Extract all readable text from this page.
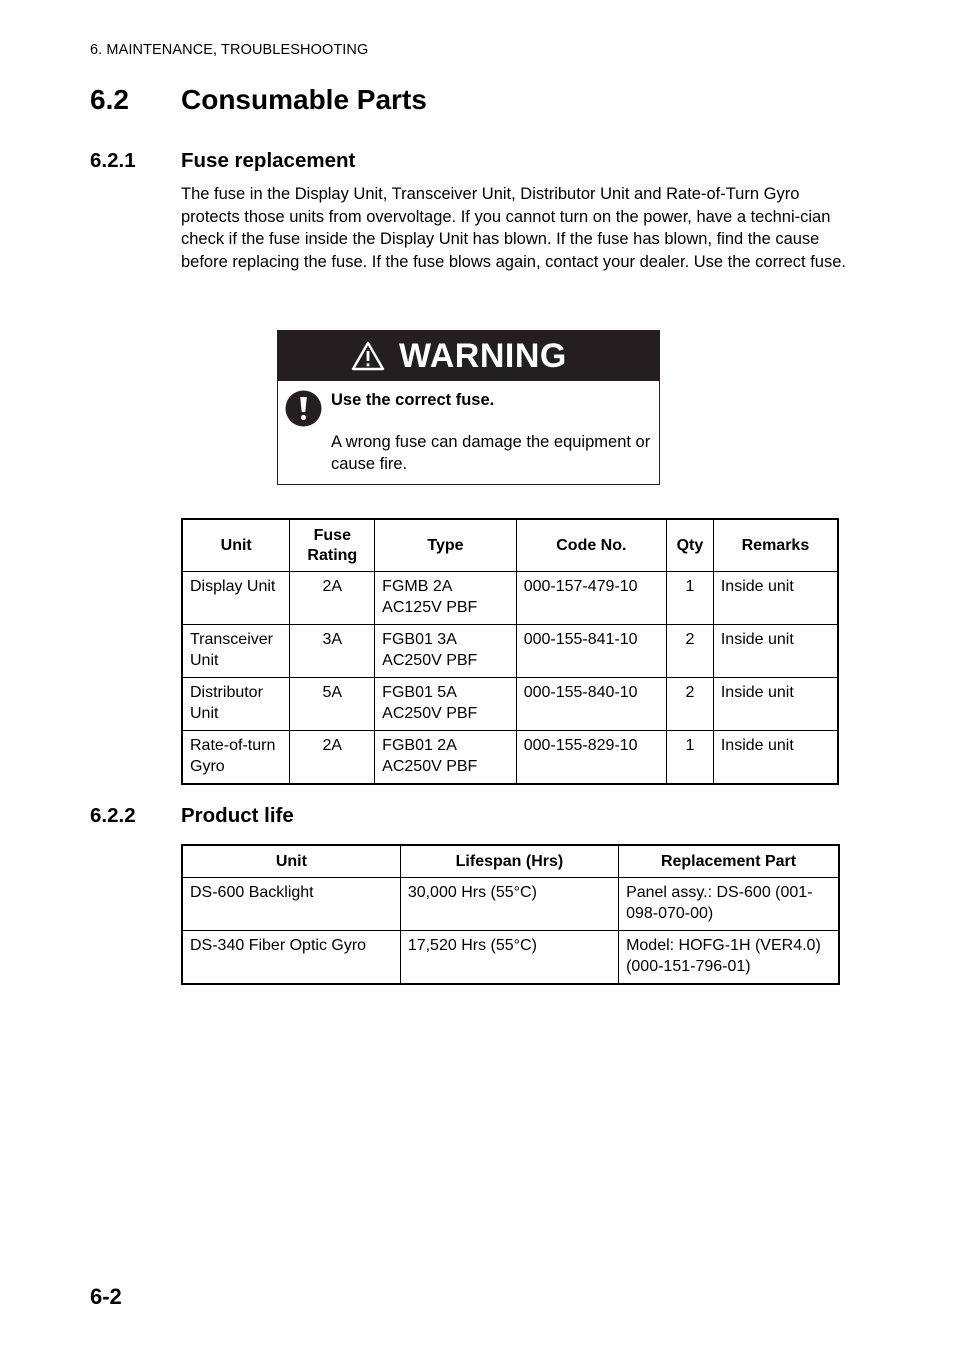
6. MAINTENANCE, TROUBLESHOOTING
6.2 Consumable Parts
6.2.1 Fuse replacement
The fuse in the Display Unit, Transceiver Unit, Distributor Unit and Rate-of-Turn Gyro protects those units from overvoltage. If you cannot turn on the power, have a techni-cian check if the fuse inside the Display Unit has blown. If the fuse has blown, find the cause before replacing the fuse. If the fuse blows again, contact your dealer. Use the correct fuse.
WARNING
Use the correct fuse.
A wrong fuse can damage the equipment or cause fire.
Unit	Fuse Rating	Type	Code No.	Qty	Remarks
Display Unit	2A	FGMB 2A AC125V PBF	000-157-479-10	1	Inside unit
Transceiver Unit	3A	FGB01 3A AC250V PBF	000-155-841-10	2	Inside unit
Distributor Unit	5A	FGB01 5A AC250V PBF	000-155-840-10	2	Inside unit
Rate-of-turn Gyro	2A	FGB01 2A AC250V PBF	000-155-829-10	1	Inside unit
6.2.2 Product life
Unit	Lifespan (Hrs)	Replacement Part
DS-600 Backlight	30,000 Hrs (55°C)	Panel assy.: DS-600 (001-098-070-00)
DS-340 Fiber Optic Gyro	17,520 Hrs (55°C)	Model: HOFG-1H (VER4.0) (000-151-796-01)
6-2
